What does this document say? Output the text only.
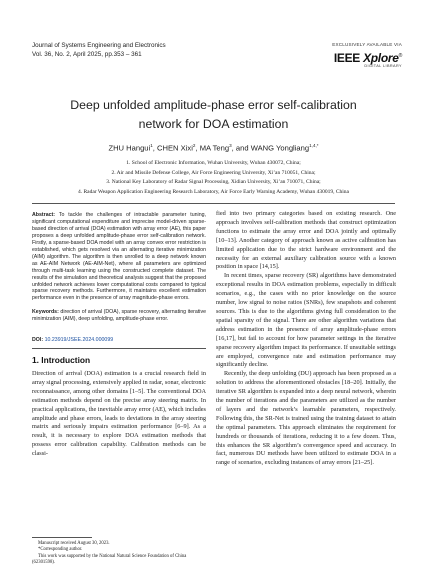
Journal of Systems Engineering and Electronics
Vol. 36, No. 2, April 2025, pp.353 – 361
EXCLUSIVELY AVAILABLE VIA
IEEE Xplore®
DIGITAL LIBRARY
Deep unfolded amplitude-phase error self-calibration
network for DOA estimation
ZHU Hangui$^1$, CHEN Xixi$^2$, MA Teng$^3$, and WANG Yongliang$^{1,4,*}$
1. School of Electronic Information, Wuhan University, Wuhan 430072, China;
2. Air and Missile Defense College, Air Force Engineering University, Xi’an 710051, China;
3. National Key Laboratory of Radar Signal Processing, Xidian University, Xi’an 710071, China;
4. Radar Weapon Application Engineering Research Laboratory, Air Force Early Warning Academy, Wuhan 430019, China
Abstract: To tackle the challenges of intractable parameter tuning, significant computational expenditure and imprecise model-driven sparse-based direction of arrival (DOA) estimation with array error (AE), this paper proposes a deep unfolded amplitude-phase error self-calibration network. Firstly, a sparse-based DOA model with an array convex error restriction is established, which gets resolved via an alternating iterative minimization (AIM) algorithm. The algorithm is then unrolled to a deep network known as AE-AIM Network (AE-AIM-Net), where all parameters are optimized through multi-task learning using the constructed complete dataset. The results of the simulation and theoretical analysis suggest that the proposed unfolded network achieves lower computational costs compared to typical sparse recovery methods. Furthermore, it maintains excellent estimation performance even in the presence of array magnitude-phase errors.
Keywords: direction of arrival (DOA), sparse recovery, alternating iterative minimization (AIM), deep unfolding, amplitude-phase error.
DOI: 10.23919/JSEE.2024.000099
1. Introduction

Direction of arrival (DOA) estimation is a crucial research field in array signal processing, extensively applied in radar, sonar, electronic reconnaissance, among other domains [1–5]. The conventional DOA estimation methods depend on the precise array steering matrix. In practical applications, the inevitable array error (AE), which includes amplitude and phase errors, leads to deviations in the array steering matrix and seriously impairs estimation performance [6–9]. As a result, it is necessary to explore DOA estimation methods that possess error calibration capability. Calibration methods can be classi-

Manuscript received August 30, 2023.

*Corresponding author.

This work was supported by the National Natural Science Foundation of China (62301598).

fied into two primary categories based on existing research. One approach involves self-calibration methods that construct optimization functions to estimate the array error and DOA jointly and optimally [10–13]. Another category of approach known as active calibration has limited application due to the strict hardware environment and the necessity for an external auxiliary calibration source with a known position in space [14,15].

In recent times, sparse recovery (SR) algorithms have demonstrated exceptional results in DOA estimation problems, especially in difficult scenarios, e.g., the cases with no prior knowledge on the source number, low signal to noise ratios (SNRs), few snapshots and coherent sources. This is due to the algorithms giving full consideration to the spatial sparsity of the signal. There are other algorithm variations that address estimation in the presence of array amplitude-phase errors [16,17], but fail to account for how parameter settings in the iterative sparse recovery algorithm impact its performance. If unsuitable settings are employed, convergence rate and estimation performance may significantly decline.

Recently, the deep unfolding (DU) approach has been proposed as a solution to address the aforementioned obstacles [18–20]. Initially, the iterative SR algorithm is expanded into a deep neural network, wherein the number of iterations and the parameters are utilized as the number of layers and the network’s learnable parameters, respectively. Following this, the SR-Net is trained using the training dataset to attain the optimal parameters. This approach eliminates the requirement for hundreds or thousands of iterations, reducing it to a few dozen. Thus, this enhances the SR algorithm’s convergence speed and accuracy. In fact, numerous DU methods have been utilized to estimate DOA in a range of scenarios, excluding instances of array errors [21–25].
